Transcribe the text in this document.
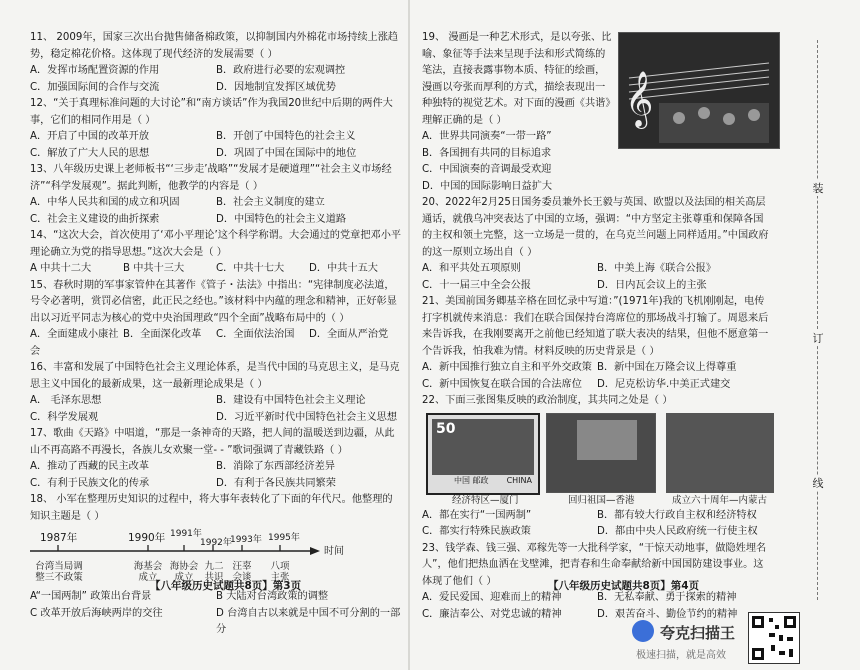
11、 2009年，国家三次出台抛售储备棉政策，以抑制国内外棉花市场持续上涨趋势，稳定棉花价格。这体现了现代经济的发展需要（ ）

A．发挥市场配置资源的作用	B．政府进行必要的宏观调控
C．加强国际间的合作与交流	D．因地制宜发挥区域优势

12、“关于真理标准问题的大讨论”和“南方谈话”作为我国20世纪中后期的两件大事，它们的相同作用是（ ）

A．开启了中国的改革开放	B．开创了中国特色的社会主义
C．解放了广大人民的思想	D．巩固了中国在国际中的地位

13、八年级历史课上老师板书“‘三步走’战略”“发展才是硬道理”“社会主义市场经济”“科学发展观”。据此判断，他教学的内容是（ ）

A．中华人民共和国的成立和巩固	B．社会主义制度的建立
C．社会主义建设的曲折探索	D．中国特色的社会主义道路

14、“这次大会，首次使用了‘邓小平理论’这个科学称谓。大会通过的党章把邓小平理论确立为党的指导思想。”这次大会是（ ）

A 中共十二大	B 中共十三大	C．中共十七大	D．中共十五大

15、春秋时期的军事家管仲在其著作《管子・法法》中指出：“宪律制度必法道，号令必著明，赏罚必信密，此正民之经也。”该材料中内蕴的理念和精神，正好彰显出以习近平同志为核心的党中央治国理政“四个全面”战略布局中的（ ）

A．全面建成小康社会
B．全面深化改革	C．全面依法治国	D．全面从严治党

16、丰富和发展了中国特色社会主义理论体系，是当代中国的马克思主义，是马克思主义中国化的最新成果，这一最新理论成果是（ ）

A． 毛泽东思想	B．建设有中国特色社会主义理论
C．科学发展观	D．习近平新时代中国特色社会主义思想

17、歌曲《天路》中唱道，“那是一条神奇的天路，把人间的温暖送到边疆，从此山不再高路不再漫长，各族儿女欢聚一堂- - ”歌词强调了青藏铁路（ ）

A．推动了西藏的民主改革	B．消除了东西部经济差异
C．有利于民族文化的传承	D．有利于各民族共同繁荣

18、 小军在整理历史知识的过程中，将大事年表转化了下面的年代尺。他整理的知识主题是（ ）

1987年	1990年 1991年
1992年
1993年 1995年
时间
台湾当局调整三不政策
海基会成立
海协会成立
九二共识
汪辜会谈
八项主张
A“一国两制” 政策出台背景	B 大陆对台湾政策的调整
C 改革开放后海峡两岸的交往	D 台湾自古以来就是中国不可分割的一部分
【八年级历史试题共8页】第3页

19、 漫画是一种艺术形式，是以夸张、比喻、象征等手法来呈现手法和形式简练的笔法，直接表露事物本质、特征的绘画，漫画以夸张而厚利的方式，描绘表现出一种独特的视觉艺术。对下面的漫画《共谐》理解正确的是（ ）

A．世界共同演奏“一带一路”
B．各国拥有共同的目标追求
C．中国演奏的音调最受欢迎
D．中国的国际影响日益扩大

20、2022年2月25日国务委员兼外长王毅与英国、欧盟以及法国的相关高层通话，就俄乌冲突表达了中国的立场，强调：“中方坚定主张尊重和保障各国的主权和领土完整，这一立场是一贯的，在乌克兰问题上同样适用。”中国政府的这一原则立场出自（ ）

A．和平共处五项原则	B．中美上海《联合公报》
C．十一届三中全会公报	D．日内瓦会议上的主张

21、美国前国务卿基辛格在回忆录中写道：”(1971年)我的飞机刚刚起，电传打字机就传来消息：我们在联合国保持台湾席位的那场战斗打输了。周恩来后来告诉我，在我刚要离开之前他已经知道了联大表决的结果，但他不愿意第一个告诉我，怕我难为情。材料反映的历史背景是（ ）

A．新中国推行独立自主和平外交政策 B．新中国在万隆会议上得尊重
C．新中国恢复在联合国的合法席位	D．尼克松访华.中美正式建交

22、下面三张图集反映的政治制度，其共同之处是（ ）

50
中国 邮政 CHINA
经济特区—厦门	回归祖国—香港	成立六十周年—内蒙古
A．都在实行“一国两制”	B．都有较大行政自主权和经济特权
C．都实行特殊民族政策	D．都由中央人民政府统一行使主权

23、钱学森、钱三强、邓稼先等一大批科学家，“干惊天动地事，做隐姓埋名人”，他们把热血洒在戈壁滩，把青春和生命奉献给新中国国防建设事业。这体现了他们（ ）

A．爱民爱国、迎难而上的精神	B．无私奉献、勇于探索的精神
C．廉洁奉公、对党忠诚的精神	D．艰苦奋斗、勤俭节约的精神
【八年级历史试题共8页】第4页
𝄞
装
订
线
夸克扫描王
极速扫描，就是高效
